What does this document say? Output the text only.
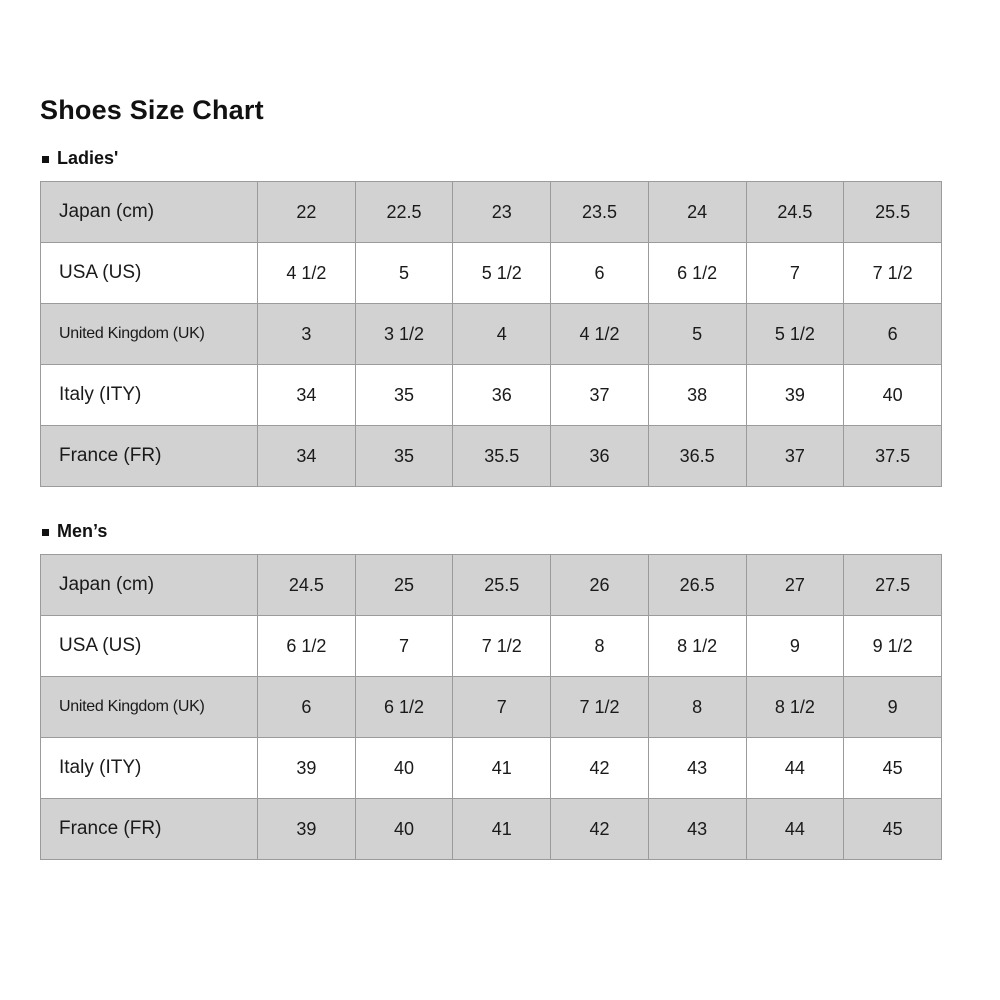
Shoes Size Chart
Ladies'
Japan (cm)	22	22.5	23	23.5	24	24.5	25.5
USA (US)	4 1/2	5	5 1/2	6	6 1/2	7	7 1/2
United Kingdom (UK)	3	3 1/2	4	4 1/2	5	5 1/2	6
Italy (ITY)	34	35	36	37	38	39	40
France (FR)	34	35	35.5	36	36.5	37	37.5
Men’s
Japan (cm)	24.5	25	25.5	26	26.5	27	27.5
USA (US)	6 1/2	7	7 1/2	8	8 1/2	9	9 1/2
United Kingdom (UK)	6	6 1/2	7	7 1/2	8	8 1/2	9
Italy (ITY)	39	40	41	42	43	44	45
France (FR)	39	40	41	42	43	44	45
